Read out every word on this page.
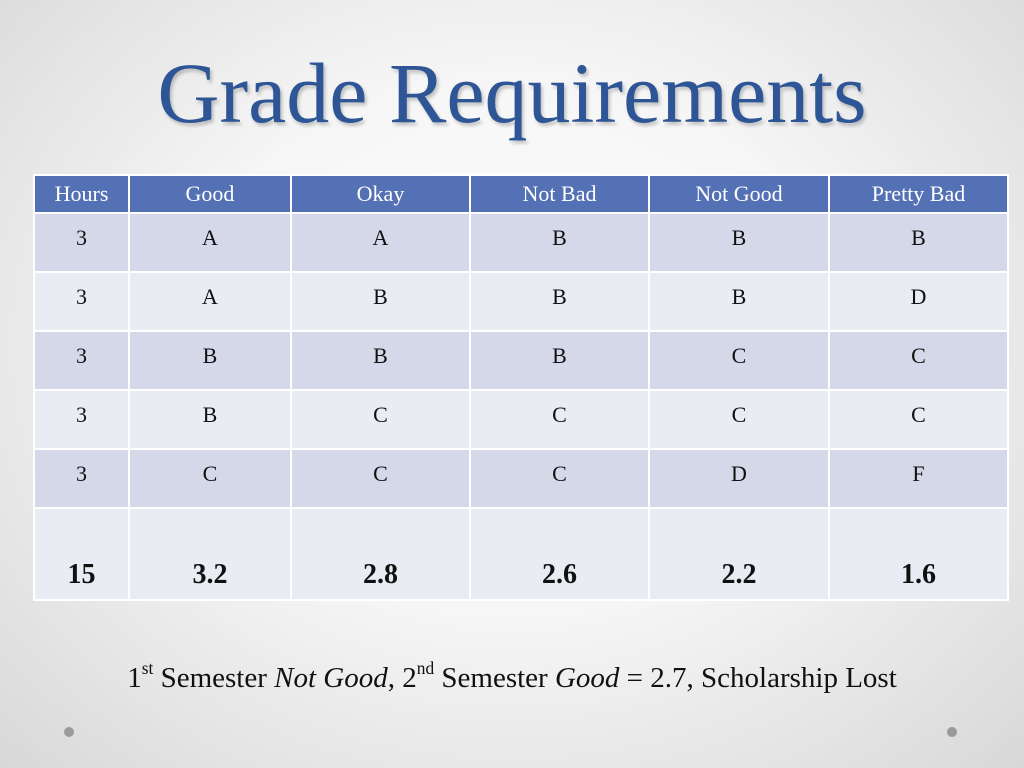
Grade Requirements
Hours	Good	Okay	Not Bad	Not Good	Pretty Bad
3	A	A	B	B	B
3	A	B	B	B	D
3	B	B	B	C	C
3	B	C	C	C	C
3	C	C	C	D	F
15	3.2	2.8	2.6	2.2	1.6
1st Semester Not Good, 2nd Semester Good = 2.7, Scholarship Lost
